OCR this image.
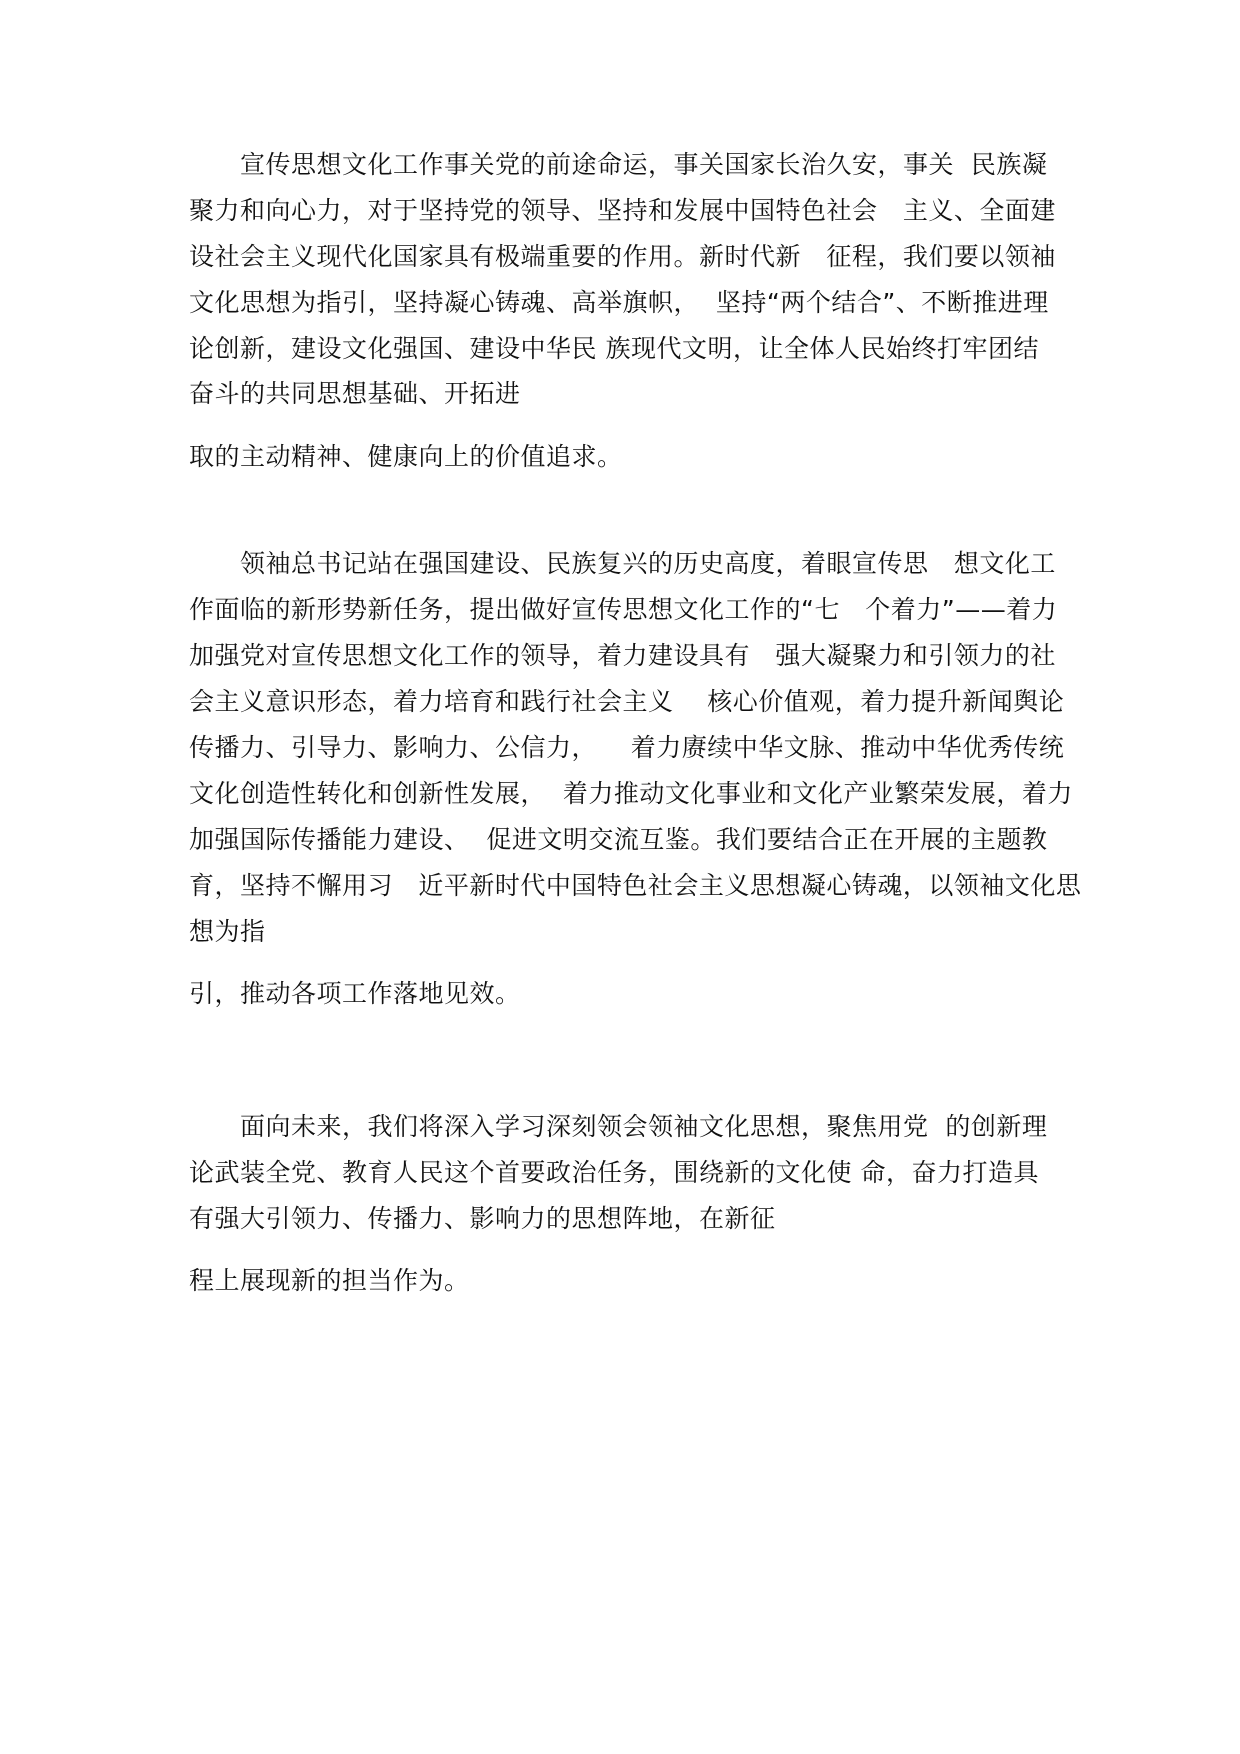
　　宣传思想文化工作事关党的前途命运，事关国家长治久安，事关  民族凝
聚力和向心力，对于坚持党的领导、坚持和发展中国特色社会   主义、全面建
设社会主义现代化国家具有极端重要的作用。新时代新   征程，我们要以领袖
文化思想为指引，坚持凝心铸魂、高举旗帜，  坚持“两个结合”、不断推进理
论创新，建设文化强国、建设中华民 族现代文明，让全体人民始终打牢团结
奋斗的共同思想基础、开拓进
取的主动精神、健康向上的价值追求。
　　领袖总书记站在强国建设、民族复兴的历史高度，着眼宣传思   想文化工
作面临的新形势新任务，提出做好宣传思想文化工作的“七   个着力”——着力
加强党对宣传思想文化工作的领导，着力建设具有   强大凝聚力和引领力的社
会主义意识形态，着力培育和践行社会主义    核心价值观，着力提升新闻舆论
传播力、引导力、影响力、公信力，    着力赓续中华文脉、推动中华优秀传统
文化创造性转化和创新性发展，  着力推动文化事业和文化产业繁荣发展，着力
加强国际传播能力建设、  促进文明交流互鉴。我们要结合正在开展的主题教
育，坚持不懈用习   近平新时代中国特色社会主义思想凝心铸魂，以领袖文化思
想为指
引，推动各项工作落地见效。
　　面向未来，我们将深入学习深刻领会领袖文化思想，聚焦用党  的创新理
论武装全党、教育人民这个首要政治任务，围绕新的文化使 命，奋力打造具
有强大引领力、传播力、影响力的思想阵地，在新征
程上展现新的担当作为。
